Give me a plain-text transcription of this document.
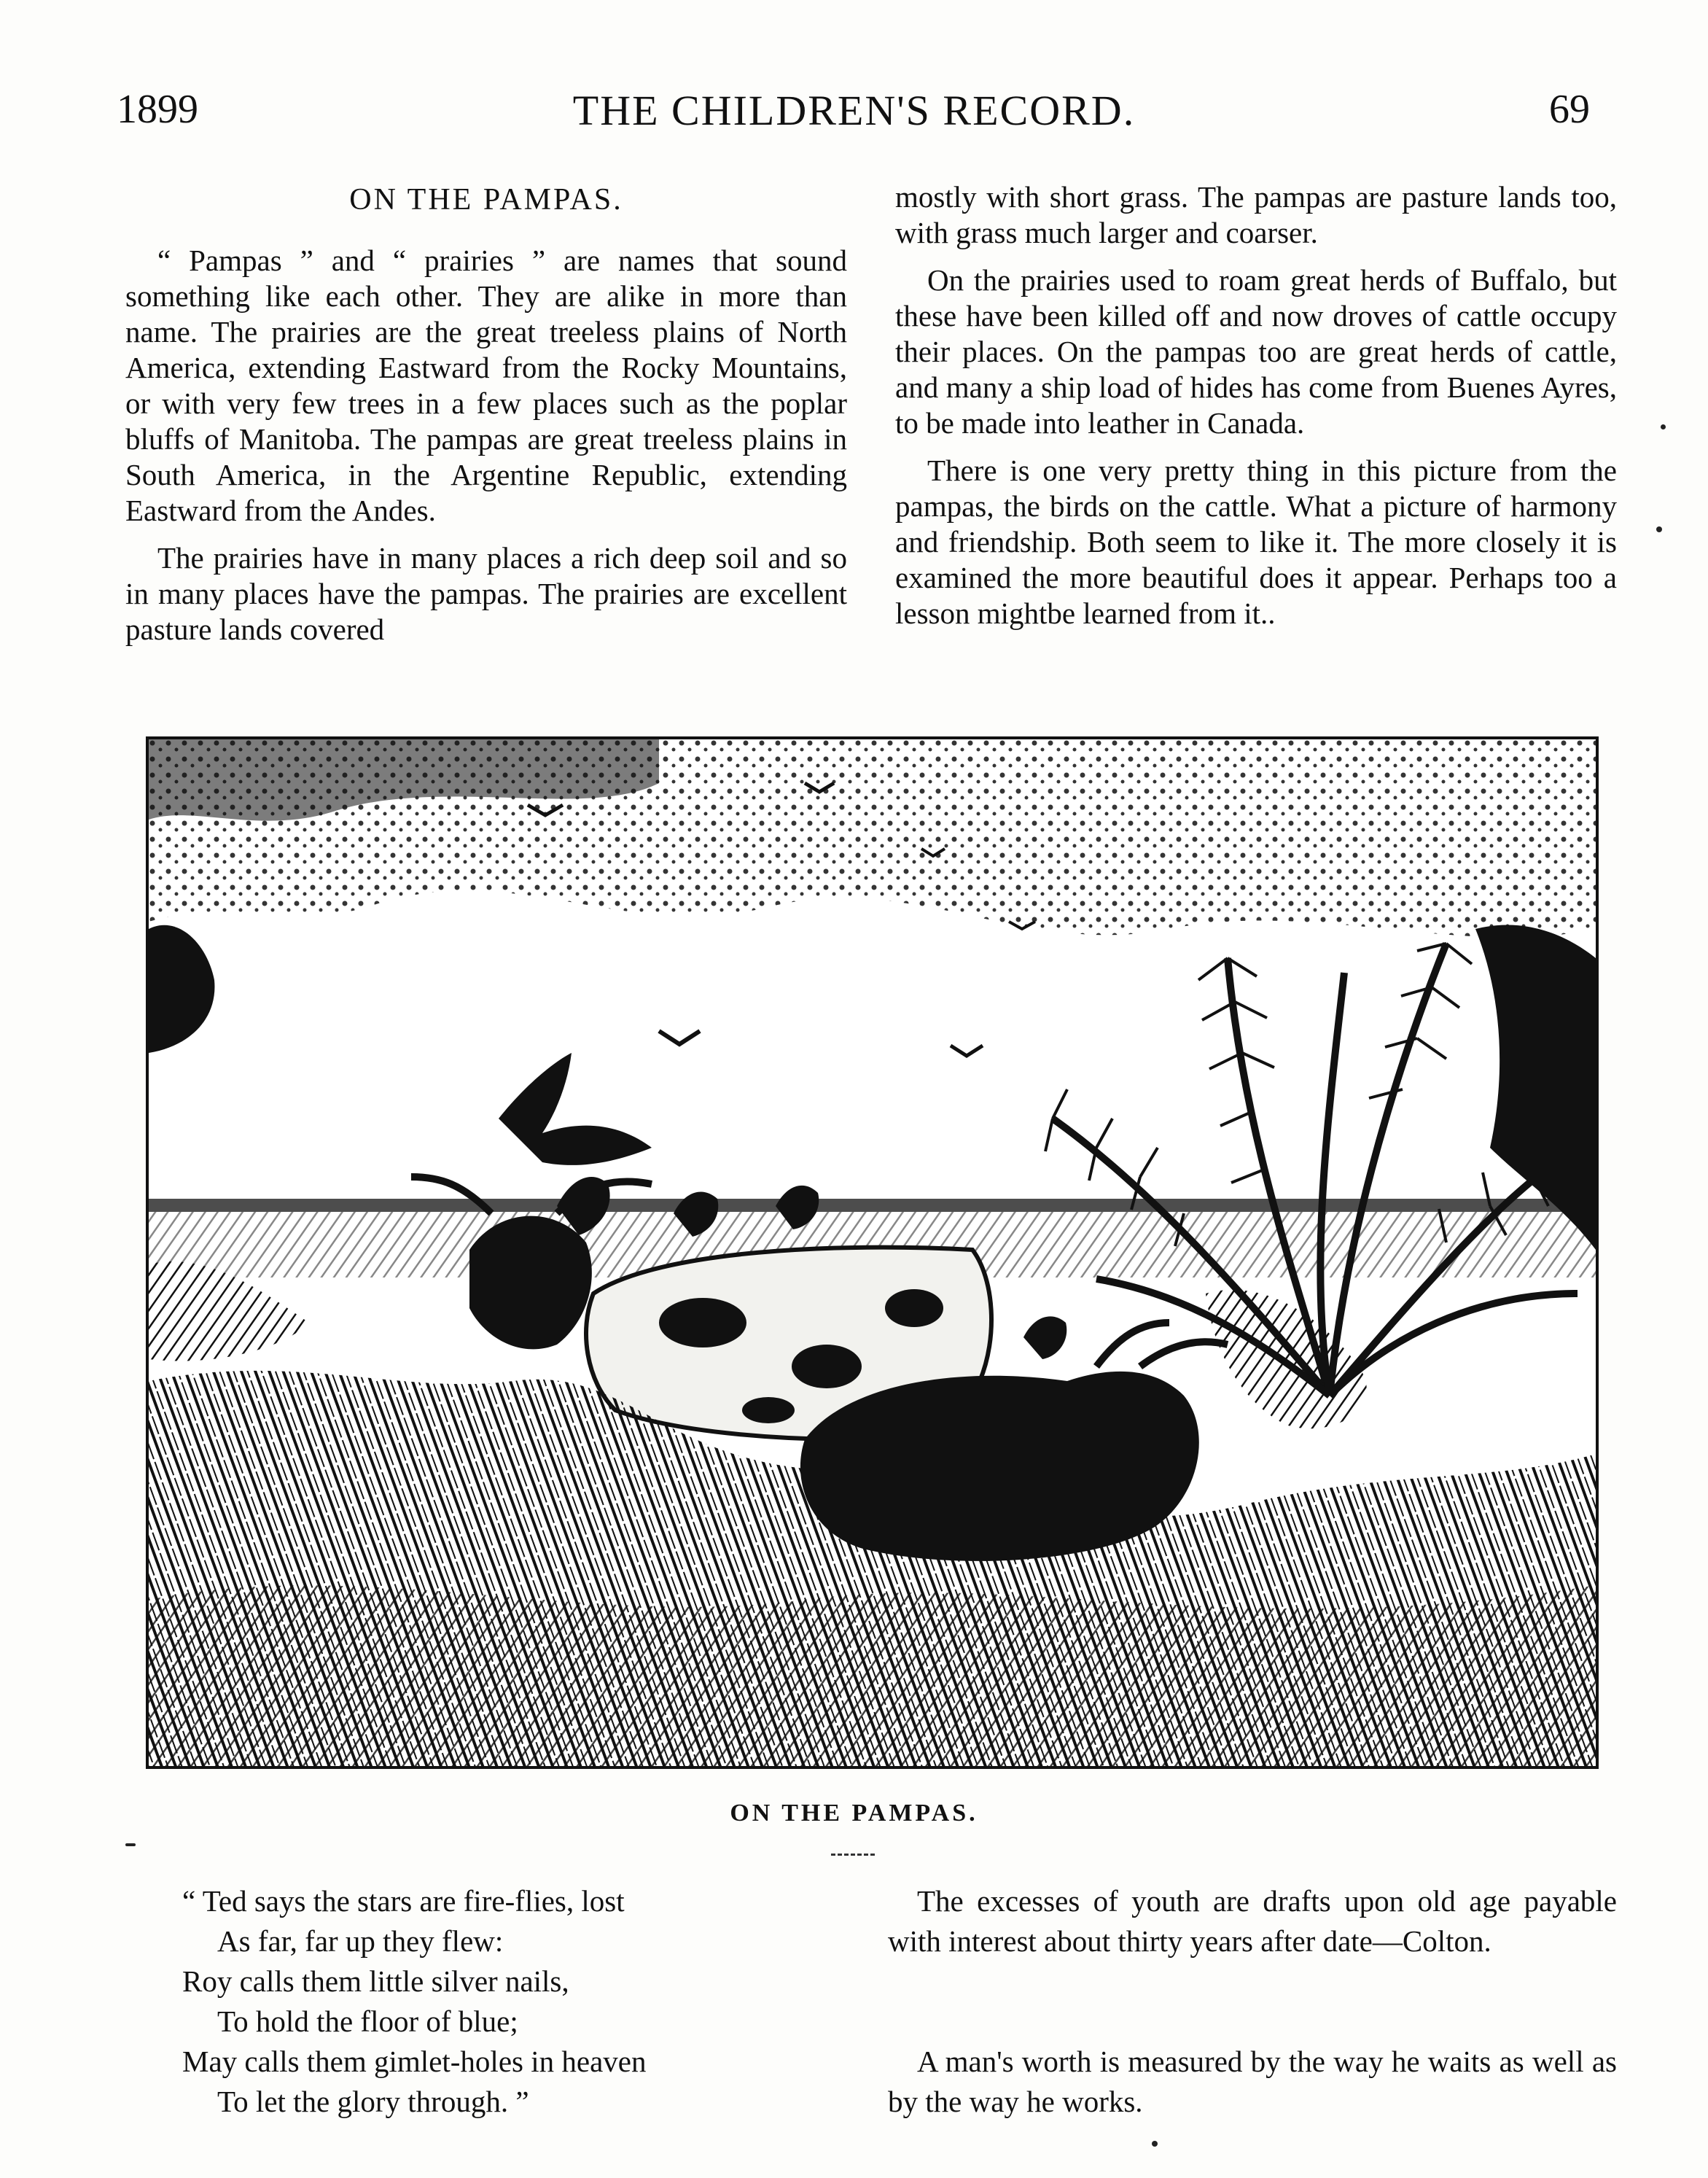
1899	THE CHILDREN'S RECORD.	69
ON THE PAMPAS.

“ Pampas ” and “ prairies ” are names that sound something like each other. They are alike in more than name. The prairies are the great treeless plains of North America, extending Eastward from the Rocky Mountains, or with very few trees in a few places such as the poplar bluffs of Manitoba. The pampas are great treeless plains in South America, in the Argentine Republic, extending Eastward from the Andes.

The prairies have in many places a rich deep soil and so in many places have the pampas. The prairies are excellent pasture lands covered

mostly with short grass. The pampas are pasture lands too, with grass much larger and coarser.

On the prairies used to roam great herds of Buffalo, but these have been killed off and now droves of cattle occupy their places. On the pampas too are great herds of cattle, and many a ship load of hides has come from Buenes Ayres, to be made into leather in Canada.

There is one very pretty thing in this picture from the pampas, the birds on the cattle. What a picture of harmony and friendship. Both seem to like it. The more closely it is examined the more beautiful does it appear. Perhaps too a lesson mightbe learned from it..

ON THE PAMPAS.
“ Ted says the stars are fire-flies, lost
As far, far up they flew:
Roy calls them little silver nails,
To hold the floor of blue;
May calls them gimlet-holes in heaven
To let the glory through. ”

The excesses of youth are drafts upon old age payable with interest about thirty years after date—Colton.

A man's worth is measured by the way he waits as well as by the way he works.
